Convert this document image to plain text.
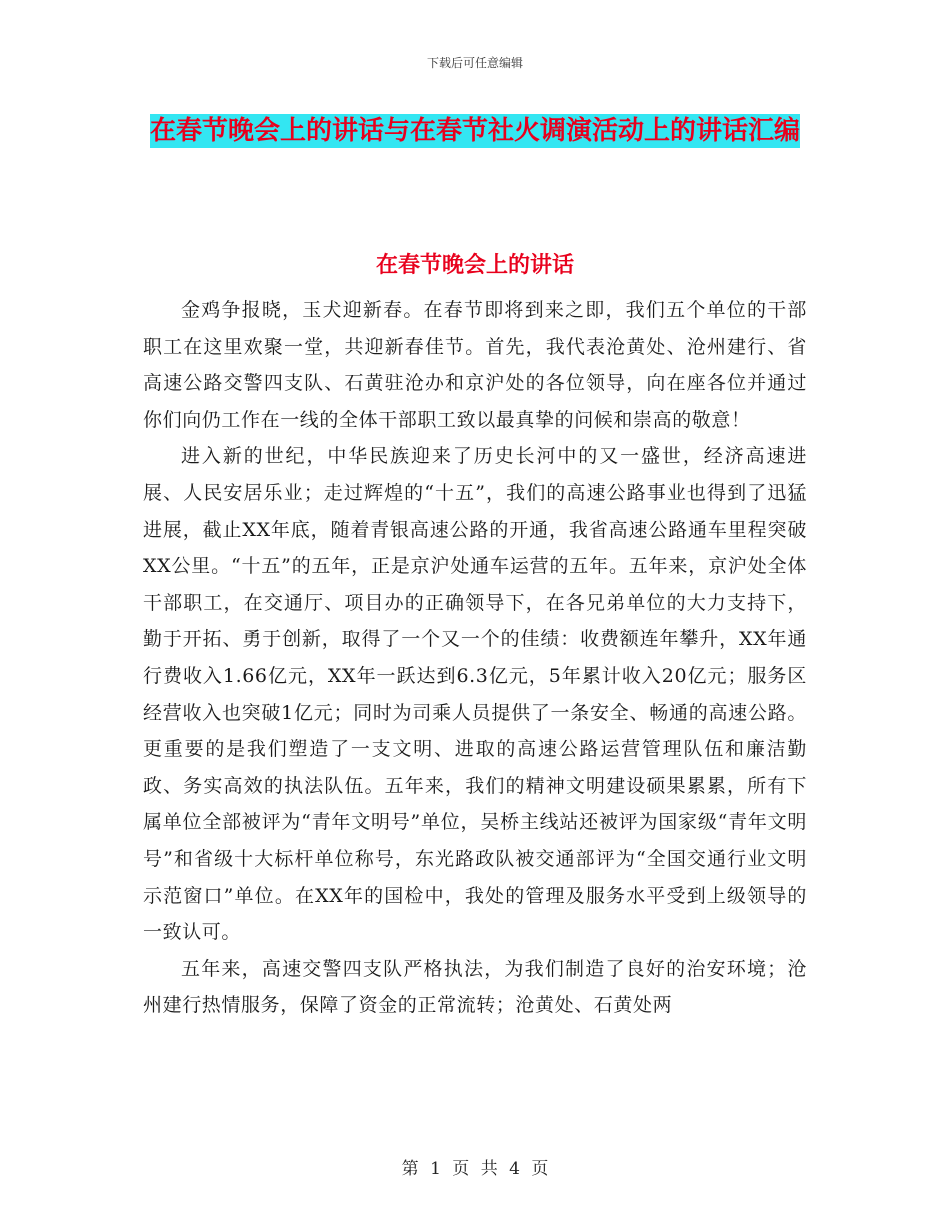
下载后可任意编辑
在春节晚会上的讲话与在春节社火调演活动上的讲话汇编
在春节晚会上的讲话

金鸡争报晓，玉犬迎新春。在春节即将到来之即，我们五个单位的干部职工在这里欢聚一堂，共迎新春佳节。首先，我代表沧黄处、沧州建行、省高速公路交警四支队、石黄驻沧办和京沪处的各位领导，向在座各位并通过你们向仍工作在一线的全体干部职工致以最真挚的问候和崇高的敬意！

进入新的世纪，中华民族迎来了历史长河中的又一盛世，经济高速进展、人民安居乐业；走过辉煌的“十五”，我们的高速公路事业也得到了迅猛进展，截止XX年底，随着青银高速公路的开通，我省高速公路通车里程突破XX公里。“十五”的五年，正是京沪处通车运营的五年。五年来，京沪处全体干部职工，在交通厅、项目办的正确领导下，在各兄弟单位的大力支持下，勤于开拓、勇于创新，取得了一个又一个的佳绩：收费额连年攀升，XX年通行费收入1.66亿元，XX年一跃达到6.3亿元，5年累计收入20亿元；服务区经营收入也突破1亿元；同时为司乘人员提供了一条安全、畅通的高速公路。更重要的是我们塑造了一支文明、进取的高速公路运营管理队伍和廉洁勤政、务实高效的执法队伍。五年来，我们的精神文明建设硕果累累，所有下属单位全部被评为“青年文明号”单位，吴桥主线站还被评为国家级“青年文明号”和省级十大标杆单位称号，东光路政队被交通部评为“全国交通行业文明示范窗口”单位。在XX年的国检中，我处的管理及服务水平受到上级领导的一致认可。

五年来，高速交警四支队严格执法，为我们制造了良好的治安环境；沧州建行热情服务，保障了资金的正常流转；沧黄处、石黄处两

第 1 页 共 4 页
